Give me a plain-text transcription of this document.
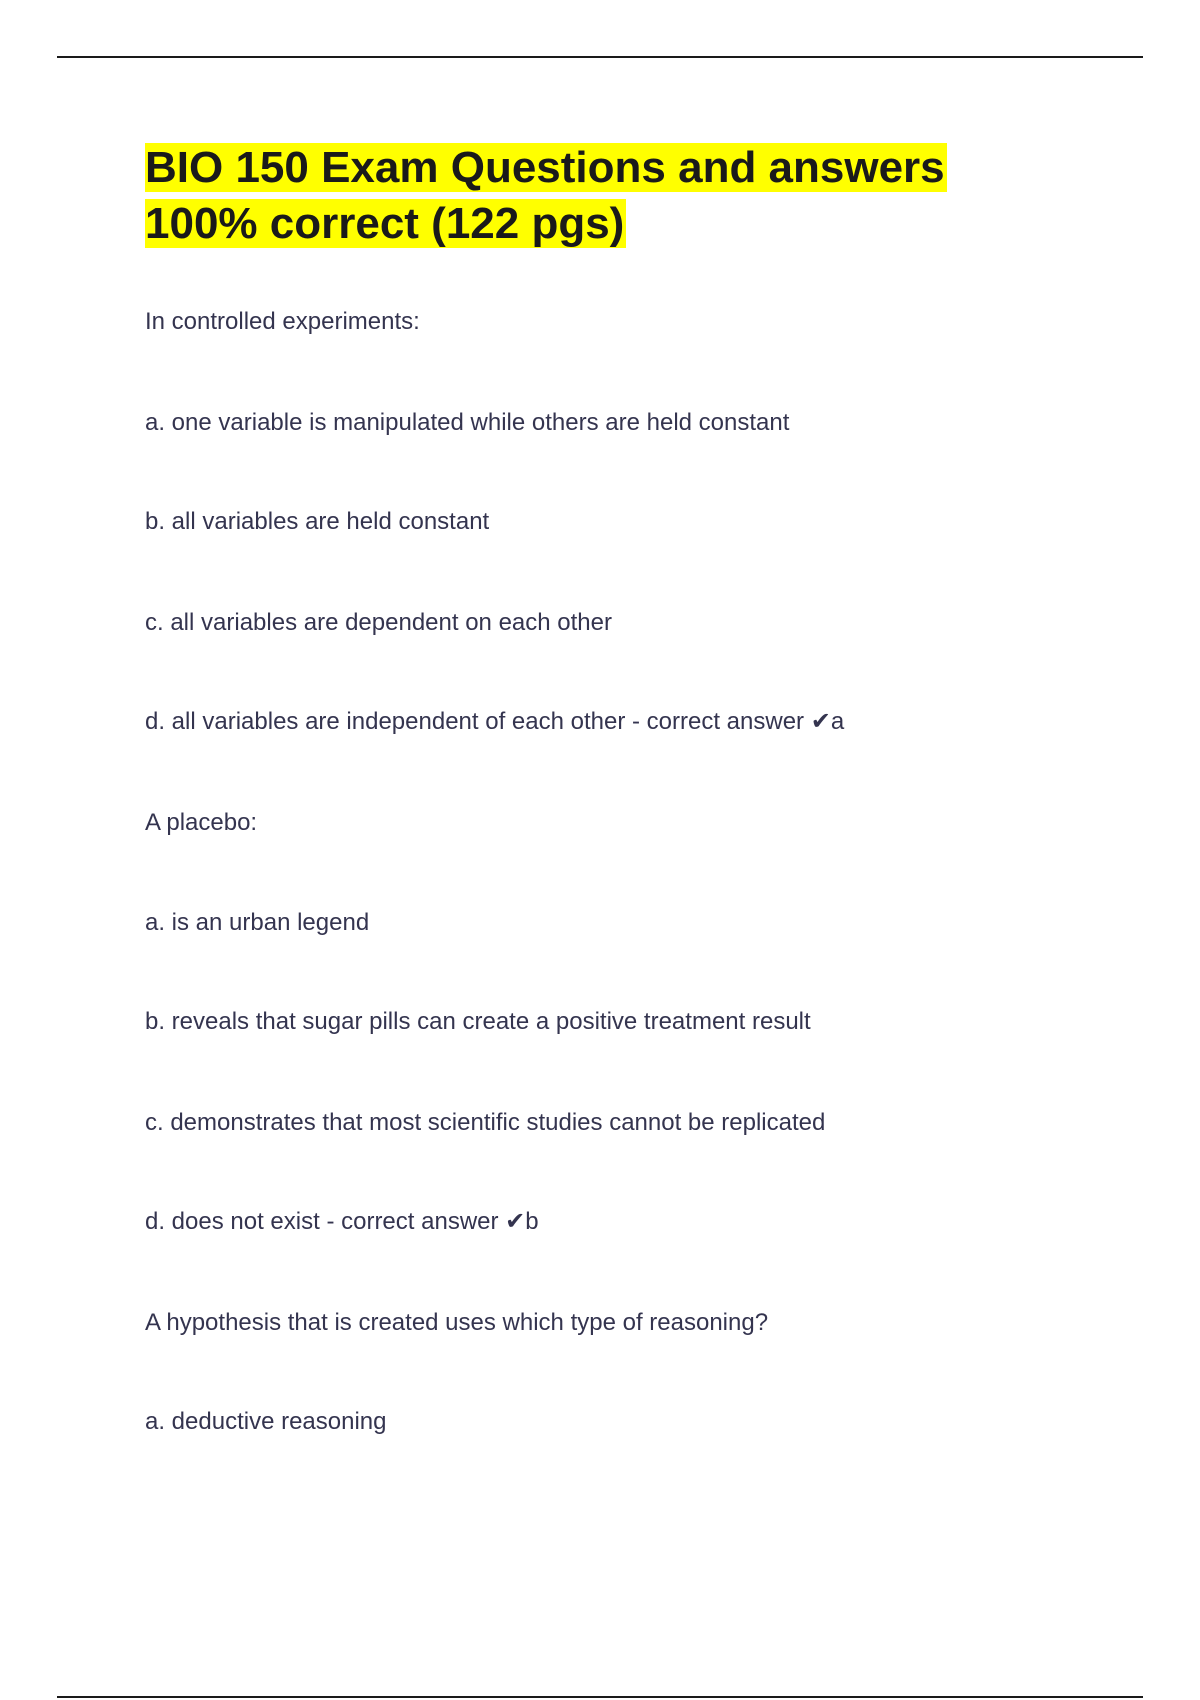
BIO 150 Exam Questions and answers
100% correct (122 pgs)

In controlled experiments:

a. one variable is manipulated while others are held constant

b. all variables are held constant

c. all variables are dependent on each other

d. all variables are independent of each other - correct answer ✔a

A placebo:

a. is an urban legend

b. reveals that sugar pills can create a positive treatment result

c. demonstrates that most scientific studies cannot be replicated

d. does not exist - correct answer ✔b

A hypothesis that is created uses which type of reasoning?

a. deductive reasoning
